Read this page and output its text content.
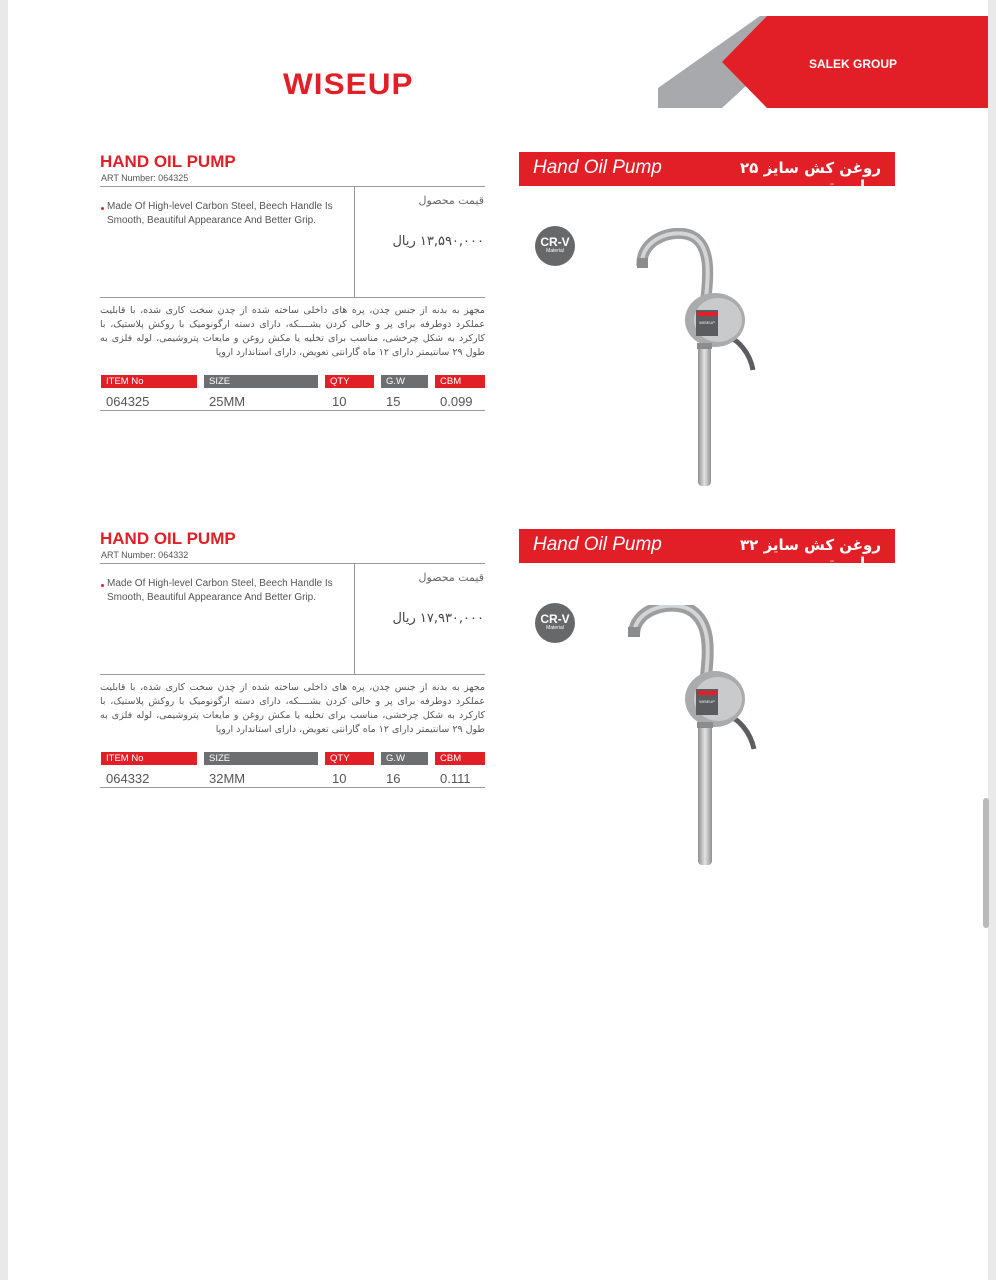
SALEK GROUP
WISEUP
HAND OIL PUMP
ART Number: 064325
Made Of High-level Carbon Steel, Beech Handle Is Smooth, Beautiful Appearance And Better Grip.
قیمت محصول
۱۳,۵۹۰,۰۰۰ ریال
مجهز به بدنه از جنس چدن، پره های داخلی ساخته شده از چدن سخت کاری شده، با قابلیت عملکرد دوطرفه برای پر و خالی کردن بشــــکه، دارای دسته ارگونومیک با روکش پلاستیک، با کارکرد به شکل چرخشی، مناسب برای تخلیه یا مکش روغن و مایعات پتروشیمی، لوله فلزی به طول ۲۹ سانتیمتر دارای ۱۲ ماه گارانتی تعویض، دارای استاندارد اروپا
ITEM No	SIZE	QTY	G.W	CBM
064325	25MM	10	15	0.099
Hand Oil Pump	روغن کش سایز ۲۵ میلی‌متر
CR-V
Material
WISEUP
HAND OIL PUMP
ART Number: 064332
Made Of High-level Carbon Steel, Beech Handle Is Smooth, Beautiful Appearance And Better Grip.
قیمت محصول
۱۷,۹۳۰,۰۰۰ ریال
مجهز به بدنه از جنس چدن، پره های داخلی ساخته شده از چدن سخت کاری شده، با قابلیت عملکرد دوطرفه برای پر و خالی کردن بشــــکه، دارای دسته ارگونومیک با روکش پلاستیک، با کارکرد به شکل چرخشی، مناسب برای تخلیه یا مکش روغن و مایعات پتروشیمی، لوله فلزی به طول ۲۹ سانتیمتر دارای ۱۲ ماه گارانتی تعویض، دارای استاندارد اروپا
ITEM No	SIZE	QTY	G.W	CBM
064332	32MM	10	16	0.111
Hand Oil Pump	روغن کش سایز ۳۲ میلی‌متر
CR-V
Material
WISEUP
